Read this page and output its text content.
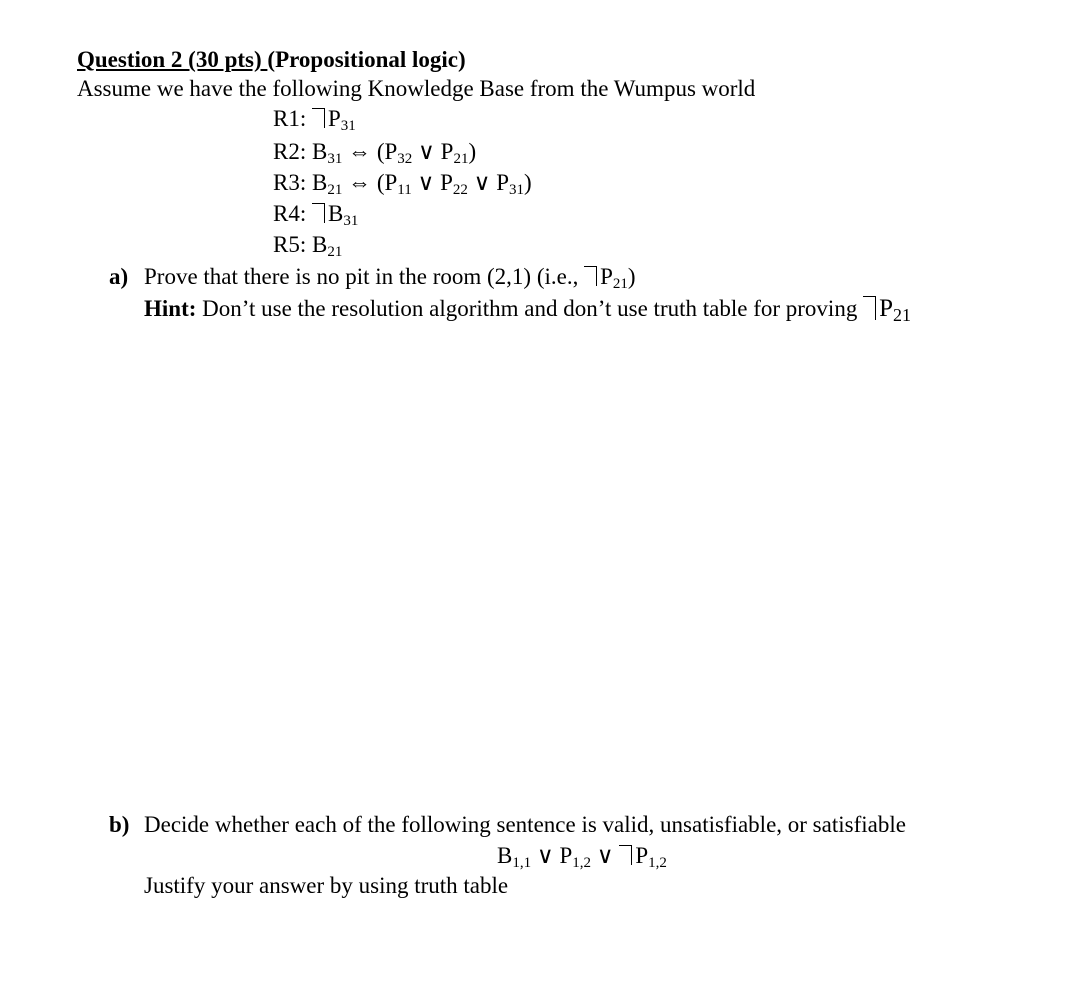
Question 2 (30 pts) (Propositional logic)
Assume we have the following Knowledge Base from the Wumpus world
R1: $P_{31}$
R2: $B_{31}$ ⇔ ($P_{32}$ ∨ $P_{21}$)
R3: $B_{21}$ ⇔ ($P_{11}$ ∨ $P_{22}$ ∨ $P_{31}$)
R4: $B_{31}$
R5: $B_{21}$
a) Prove that there is no pit in the room (2,1) (i.e., $P_{21}$)
Hint: Don’t use the resolution algorithm and don’t use truth table for proving $P_{21}$
b) Decide whether each of the following sentence is valid, unsatisfiable, or satisfiable
$B_{1,1}$ ∨ $P_{1,2}$ ∨ $P_{1,2}$
Justify your answer by using truth table
